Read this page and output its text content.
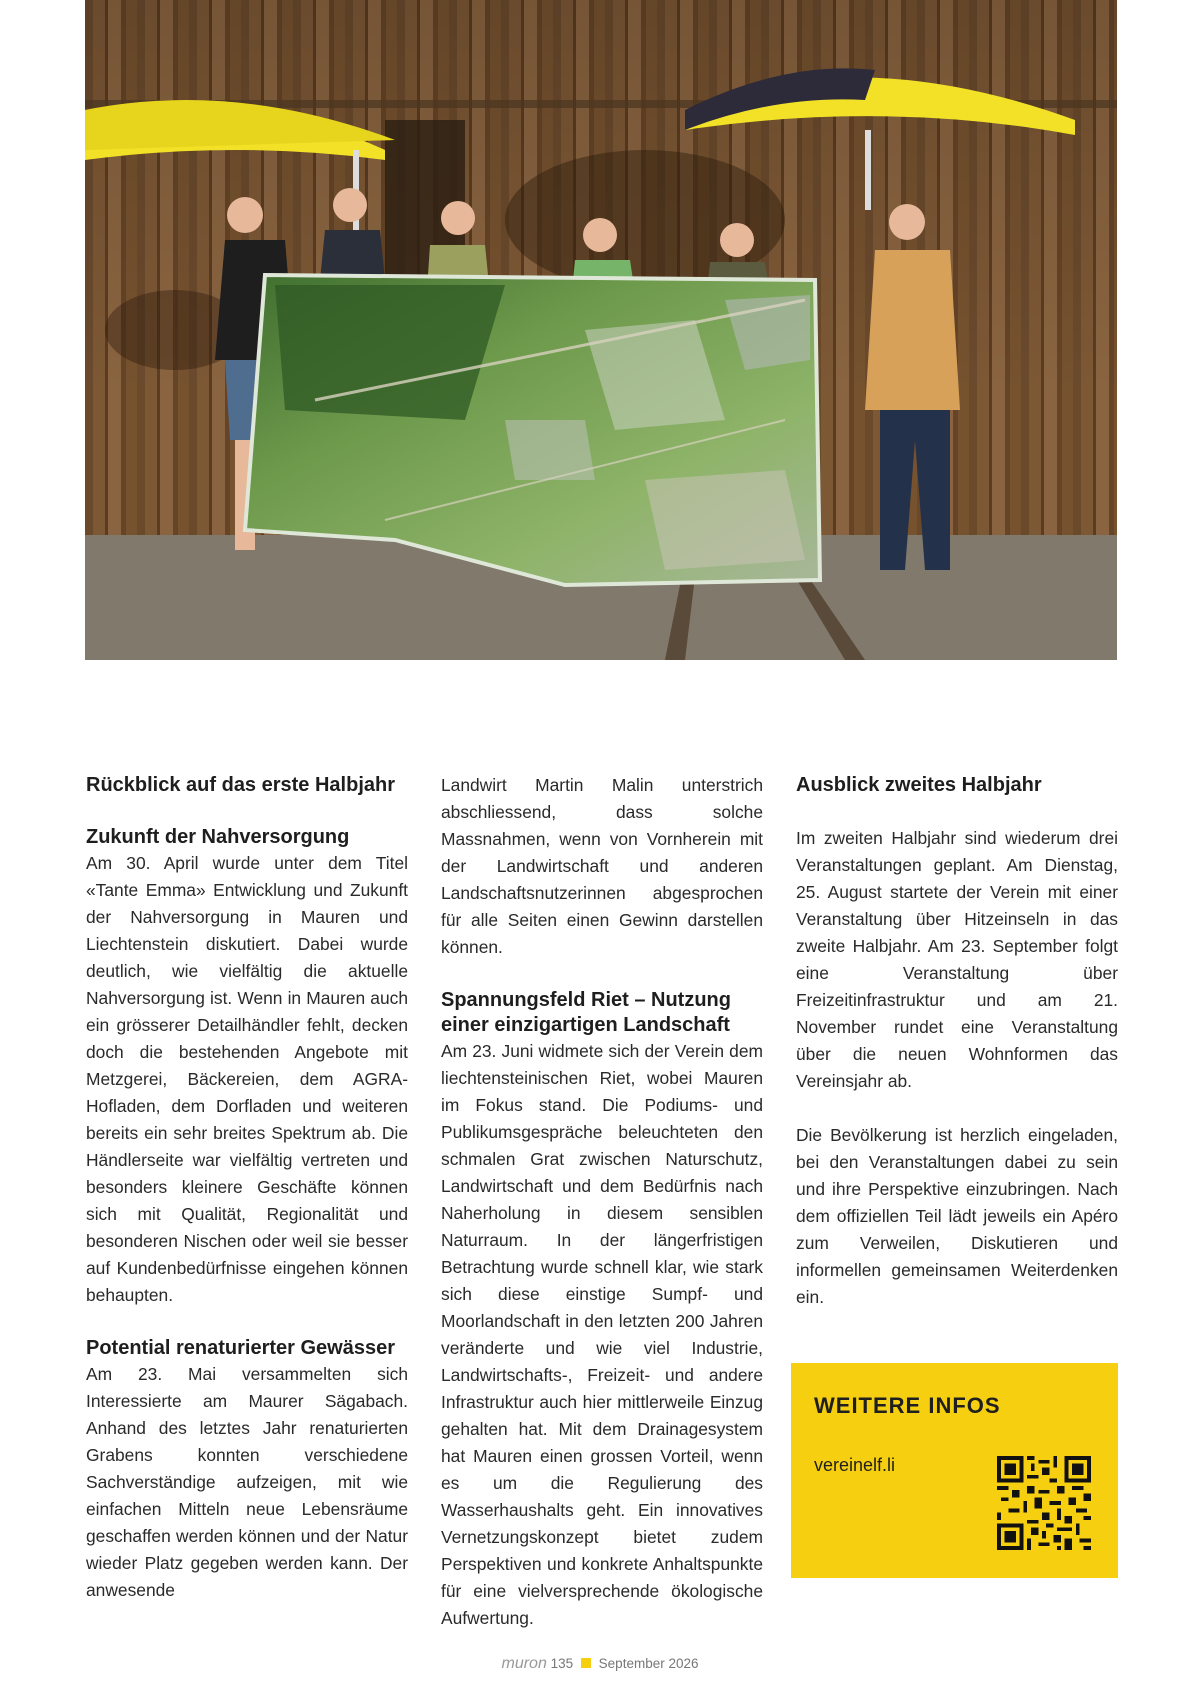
Rückblick auf das erste Halbjahr
Zukunft der Nahversorgung

Am 30. April wurde unter dem Titel «Tante Emma» Entwicklung und Zukunft der Nahversorgung in Mauren und Liechtenstein diskutiert. Dabei wurde deutlich, wie vielfältig die aktuelle Nahversorgung ist. Wenn in Mauren auch ein grösserer Detailhändler fehlt, decken doch die bestehenden Angebote mit Metzgerei, Bäckereien, dem AGRA-Hofladen, dem Dorfladen und weiteren bereits ein sehr breites Spektrum ab. Die Händlerseite war vielfältig vertreten und besonders kleinere Geschäfte können sich mit Qualität, Regionalität und besonderen Nischen oder weil sie besser auf Kundenbedürfnisse eingehen können behaupten.

Potential renaturierter Gewässer

Am 23. Mai versammelten sich Interessierte am Maurer Sägabach. Anhand des letztes Jahr renaturierten Grabens konnten verschiedene Sachverständige aufzeigen, mit wie einfachen Mitteln neue Lebensräume geschaffen werden können und der Natur wieder Platz gegeben werden kann. Der anwesende

Landwirt Martin Malin unterstrich abschliessend, dass solche Massnahmen, wenn von Vornherein mit der Landwirtschaft und anderen Landschaftsnutzerinnen abgesprochen für alle Seiten einen Gewinn darstellen können.

Spannungsfeld Riet – Nutzung einer einzigartigen Landschaft

Am 23. Juni widmete sich der Verein dem liechtensteinischen Riet, wobei Mauren im Fokus stand. Die Podiums- und Publikumsgespräche beleuchteten den schmalen Grat zwischen Naturschutz, Landwirtschaft und dem Bedürfnis nach Naherholung in diesem sensiblen Naturraum. In der längerfristigen Betrachtung wurde schnell klar, wie stark sich diese einstige Sumpf- und Moorlandschaft in den letzten 200 Jahren veränderte und wie viel Industrie, Landwirtschafts-, Freizeit- und andere Infrastruktur auch hier mittlerweile Einzug gehalten hat. Mit dem Drainagesystem hat Mauren einen grossen Vorteil, wenn es um die Regulierung des Wasserhaushalts geht. Ein innovatives Vernetzungskonzept bietet zudem Perspektiven und konkrete Anhaltspunkte für eine vielversprechende ökologische Aufwertung.

Ausblick zweites Halbjahr

Im zweiten Halbjahr sind wiederum drei Veranstaltungen geplant. Am Dienstag, 25. August startete der Verein mit einer Veranstaltung über Hitzeinseln in das zweite Halbjahr. Am 23. September folgt eine Veranstaltung über Freizeitinfrastruktur und am 21. November rundet eine Veranstaltung über die neuen Wohnformen das Vereinsjahr ab.

Die Bevölkerung ist herzlich eingeladen, bei den Veranstaltungen dabei zu sein und ihre Perspektive einzubringen. Nach dem offiziellen Teil lädt jeweils ein Apéro zum Verweilen, Diskutieren und informellen gemeinsamen Weiterdenken ein.

WEITERE INFOS
vereinelf.li
muron 135 September 2026
